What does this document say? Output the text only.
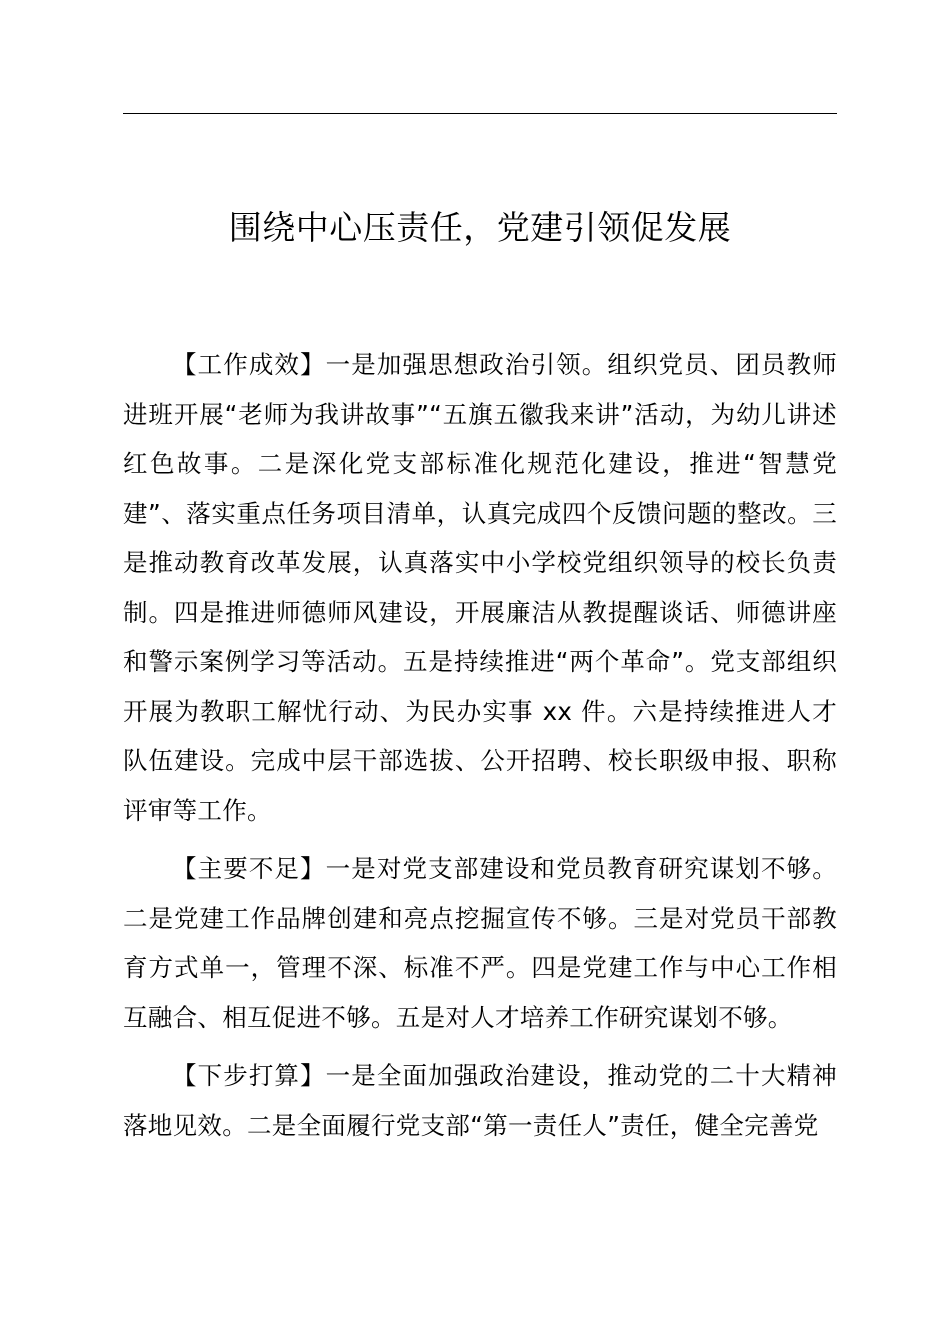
围绕中心压责任，党建引领促发展

【工作成效】一是加强思想政治引领。组织党员、团员教师进班开展“老师为我讲故事”“五旗五徽我来讲”活动，为幼儿讲述红色故事。二是深化党支部标准化规范化建设，推进“智慧党建”、落实重点任务项目清单，认真完成四个反馈问题的整改。三是推动教育改革发展，认真落实中小学校党组织领导的校长负责制。四是推进师德师风建设，开展廉洁从教提醒谈话、师德讲座和警示案例学习等活动。五是持续推进“两个革命”。党支部组织开展为教职工解忧行动、为民办实事 xx 件。六是持续推进人才队伍建设。完成中层干部选拔、公开招聘、校长职级申报、职称评审等工作。

【主要不足】一是对党支部建设和党员教育研究谋划不够。二是党建工作品牌创建和亮点挖掘宣传不够。三是对党员干部教育方式单一，管理不深、标准不严。四是党建工作与中心工作相互融合、相互促进不够。五是对人才培养工作研究谋划不够。

【下步打算】一是全面加强政治建设，推动党的二十大精神落地见效。二是全面履行党支部“第一责任人”责任，健全完善党
